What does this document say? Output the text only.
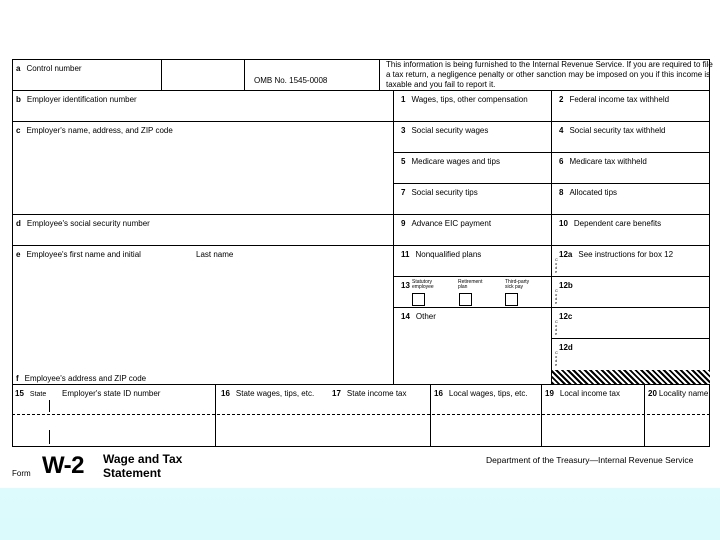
OMB No. 1545-0008
This information is being furnished to the Internal Revenue Service. If you are required to file a tax return, a negligence penalty or other sanction may be imposed on you if this income is taxable and you fail to report it.
a Control number
b Employer identification number
c Employer's name, address, and ZIP code
d Employee's social security number
e Employee's first name and initial	Last name
f Employee's address and ZIP code
1 Wages, tips, other compensation	2 Federal income tax withheld
3 Social security wages	4 Social security tax withheld
5 Medicare wages and tips	6 Medicare tax withheld
7 Social security tips	8 Allocated tips
9 Advance EIC payment	10 Dependent care benefits
11 Nonqualified plans	12a See instructions for box 12
Code
13 Statutory employee
Retirement plan
Third-party sick pay	12b
Code
14 Other	12c
Code
12d
Code
15 State Employer's state ID number	16 State wages, tips, etc. 17 State income tax	16 Local wages, tips, etc. 19 Local income tax	20 Locality name
Form W-2 Wage and Tax
Statement
Department of the Treasury—Internal Revenue Service
